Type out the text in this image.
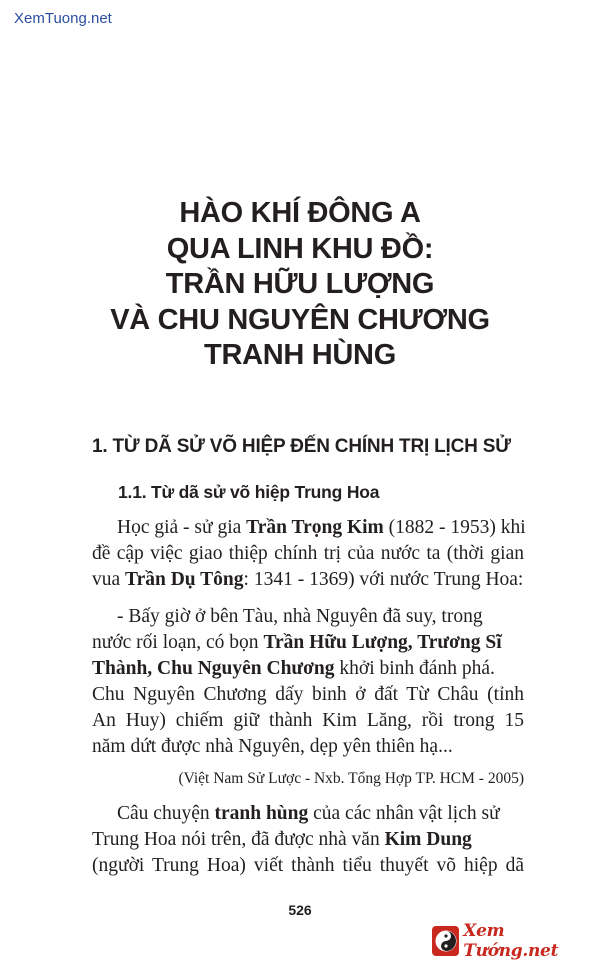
XemTuong.net
HÀO KHÍ ĐÔNG A
QUA LINH KHU ĐỒ:
TRẦN HỮU LƯỢNG
VÀ CHU NGUYÊN CHƯƠNG
TRANH HÙNG
1. TỪ DÃ SỬ VÕ HIỆP ĐẾN CHÍNH TRỊ LỊCH SỬ
1.1. Từ dã sử võ hiệp Trung Hoa
Học giả - sử gia Trần Trọng Kim (1882 - 1953) khi
đề cập việc giao thiệp chính trị của nước ta (thời gian
vua Trần Dụ Tông: 1341 - 1369) với nước Trung Hoa:
- Bấy giờ ở bên Tàu, nhà Nguyên đã suy, trong
nước rối loạn, có bọn Trần Hữu Lượng, Trương Sĩ
Thành, Chu Nguyên Chương khởi binh đánh phá.
Chu Nguyên Chương dấy binh ở đất Từ Châu (tỉnh
An Huy) chiếm giữ thành Kim Lăng, rồi trong 15
năm dứt được nhà Nguyên, dẹp yên thiên hạ...
(Việt Nam Sử Lược - Nxb. Tổng Hợp TP. HCM - 2005)
Câu chuyện tranh hùng của các nhân vật lịch sử
Trung Hoa nói trên, đã được nhà văn Kim Dung
(người Trung Hoa) viết thành tiểu thuyết võ hiệp dã
526
Xem Tướng.net
